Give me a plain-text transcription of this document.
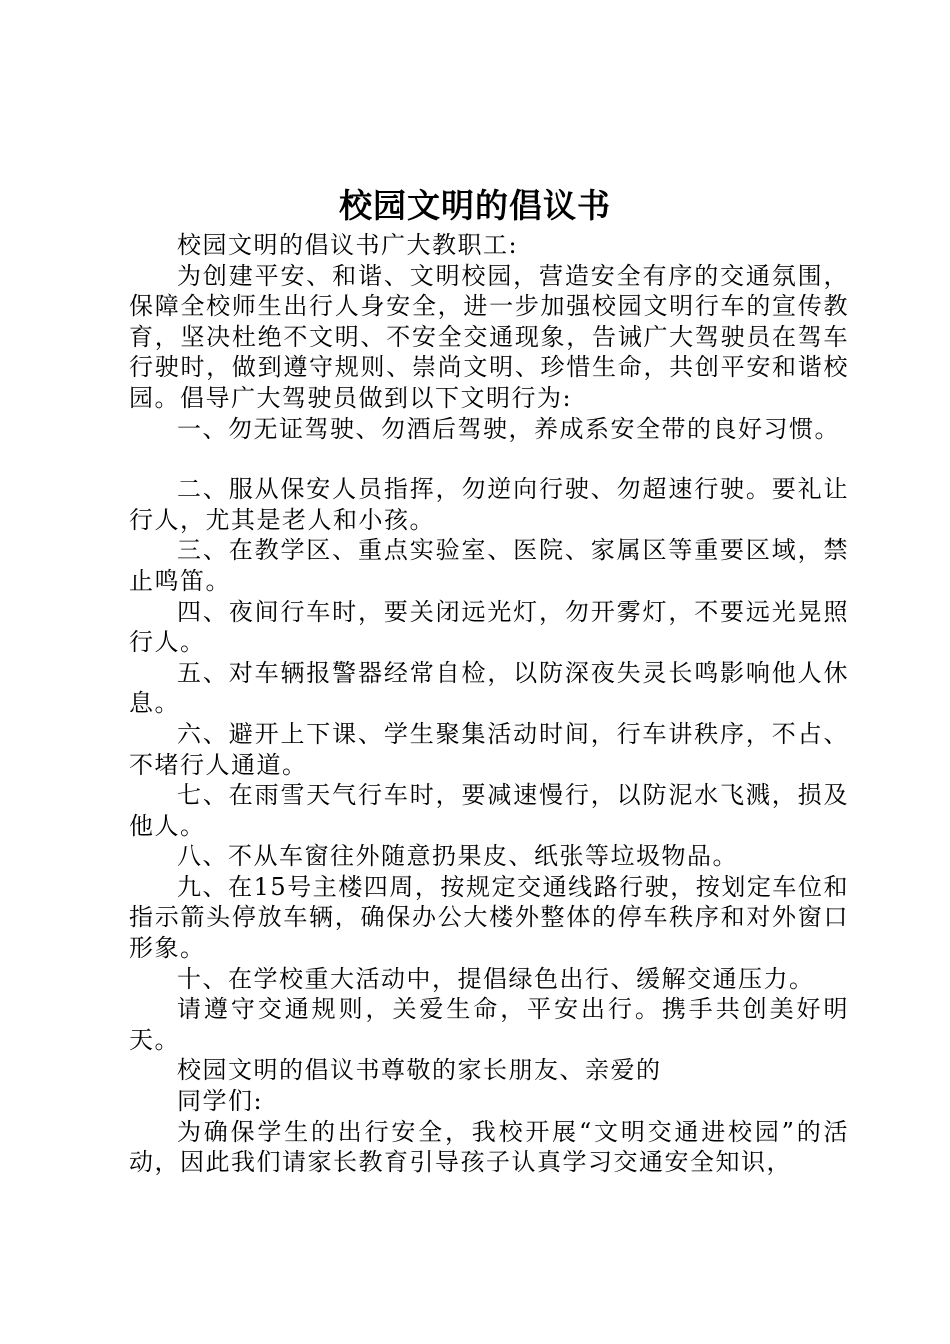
校园文明的倡议书

校园文明的倡议书广大教职工:

为创建平安、和谐、文明校园，营造安全有序的交通氛围，保障全校师生出行人身安全，进一步加强校园文明行车的宣传教育，坚决杜绝不文明、不安全交通现象，告诫广大驾驶员在驾车行驶时，做到遵守规则、崇尚文明、珍惜生命，共创平安和谐校园。倡导广大驾驶员做到以下文明行为:

一、勿无证驾驶、勿酒后驾驶，养成系安全带的良好习惯。

二、服从保安人员指挥，勿逆向行驶、勿超速行驶。要礼让行人，尤其是老人和小孩。

三、在教学区、重点实验室、医院、家属区等重要区域，禁止鸣笛。

四、夜间行车时，要关闭远光灯，勿开雾灯，不要远光晃照行人。

五、对车辆报警器经常自检，以防深夜失灵长鸣影响他人休息。

六、避开上下课、学生聚集活动时间，行车讲秩序，不占、不堵行人通道。

七、在雨雪天气行车时，要减速慢行，以防泥水飞溅，损及他人。

八、不从车窗往外随意扔果皮、纸张等垃圾物品。

九、在15号主楼四周，按规定交通线路行驶，按划定车位和指示箭头停放车辆，确保办公大楼外整体的停车秩序和对外窗口形象。

十、在学校重大活动中，提倡绿色出行、缓解交通压力。

请遵守交通规则，关爱生命，平安出行。携手共创美好明天。

校园文明的倡议书尊敬的家长朋友、亲爱的

同学们:

为确保学生的出行安全，我校开展“文明交通进校园”的活动，因此我们请家长教育引导孩子认真学习交通安全知识，
